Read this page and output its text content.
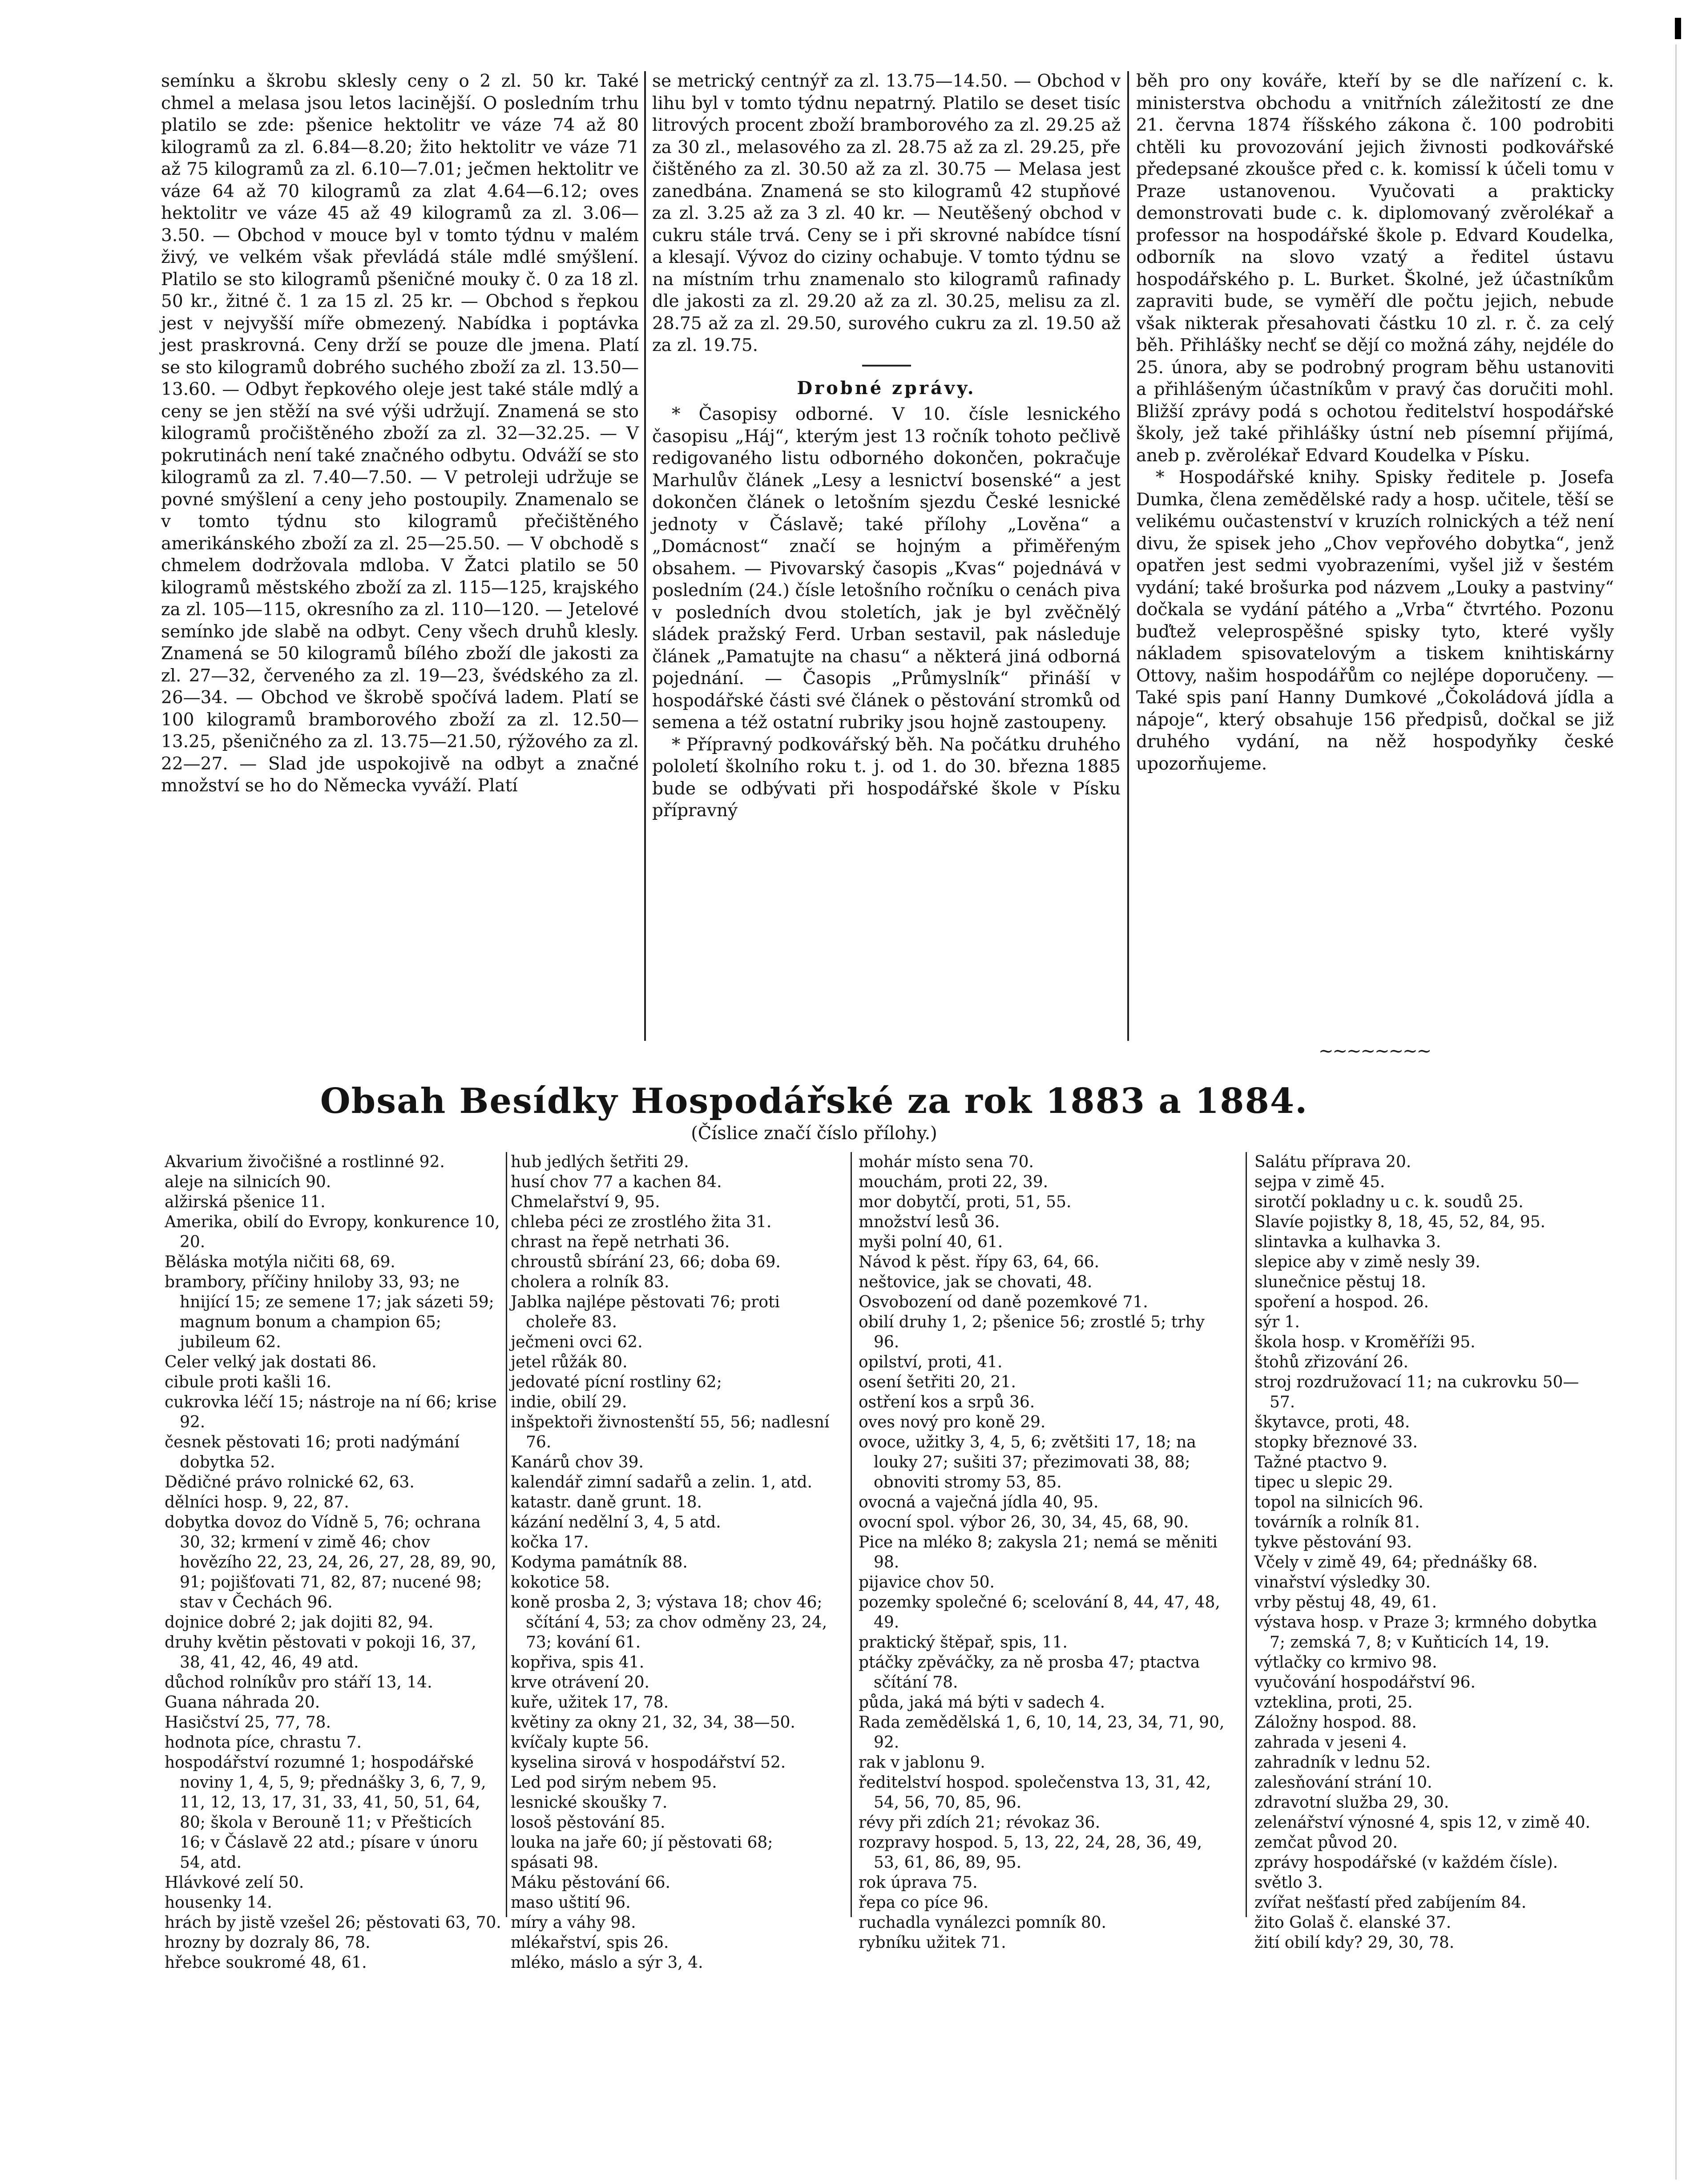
semínku a škrobu sklesly ceny o 2 zl. 50 kr. Také chmel a melasa jsou letos lacinější. O posledním trhu platilo se zde: pšenice hektolitr ve váze 74 až 80 kilogramů za zl. 6.84—8.20; žito hektolitr ve váze 71 až 75 kilogramů za zl. 6.10—7.01; ječmen hektolitr ve váze 64 až 70 kilogramů za zlat 4.64—6.12; oves hektolitr ve váze 45 až 49 kilogramů za zl. 3.06—3.50. — Obchod v mouce byl v tomto týdnu v malém živý, ve velkém však převládá stále mdlé smýšlení. Platilo se sto kilogramů pšeničné mouky č. 0 za 18 zl. 50 kr., žitné č. 1 za 15 zl. 25 kr. — Obchod s řepkou jest v nejvyšší míře obmezený. Nabídka i poptávka jest praskrovná. Ceny drží se pouze dle jmena. Platí se sto kilogramů dobrého suchého zboží za zl. 13.50—13.60. — Odbyt řepkového oleje jest také stále mdlý a ceny se jen stěží na své výši udržují. Znamená se sto kilogramů pročištěného zboží za zl. 32—32.25. — V pokrutinách není také značného odbytu. Odváží se sto kilogramů za zl. 7.40—7.50. — V petroleji udržuje se povné smýšlení a ceny jeho postoupily. Znamenalo se v tomto týdnu sto kilogramů přečištěného amerikánského zboží za zl. 25—25.50. — V obchodě s chmelem dodržovala mdloba. V Žatci platilo se 50 kilogramů městského zboží za zl. 115—125, krajského za zl. 105—115, okresního za zl. 110—120. — Jetelové semínko jde slabě na odbyt. Ceny všech druhů klesly. Znamená se 50 kilogramů bílého zboží dle jakosti za zl. 27—32, červeného za zl. 19—23, švédského za zl. 26—34. — Obchod ve škrobě spočívá ladem. Platí se 100 kilogramů bramborového zboží za zl. 12.50—13.25, pšeničného za zl. 13.75—21.50, rýžového za zl. 22—27. — Slad jde uspokojivě na odbyt a značné množství se ho do Německa vyváží. Platí

se metrický centnýř za zl. 13.75—14.50. — Obchod v lihu byl v tomto týdnu nepatrný. Platilo se deset tisíc litrových procent zboží bramborového za zl. 29.25 až za 30 zl., melasového za zl. 28.75 až za zl. 29.25, pře čištěného za zl. 30.50 až za zl. 30.75 — Melasa jest zanedbána. Znamená se sto kilogramů 42 stupňové za zl. 3.25 až za 3 zl. 40 kr. — Neutěšený obchod v cukru stále trvá. Ceny se i při skrovné nabídce tísní a klesají. Vývoz do ciziny ochabuje. V tomto týdnu se na místním trhu znamenalo sto kilogramů rafinady dle jakosti za zl. 29.20 až za zl. 30.25, melisu za zl. 28.75 až za zl. 29.50, surového cukru za zl. 19.50 až za zl. 19.75.

Drobné zprávy.

* Časopisy odborné. V 10. čísle lesnického časopisu „Háj“, kterým jest 13 ročník tohoto pečlivě redigovaného listu odborného dokončen, pokračuje Marhulův článek „Lesy a lesnictví bosenské“ a jest dokončen článek o letošním sjezdu České lesnické jednoty v Čáslavě; také přílohy „Lověna“ a „Domácnost“ značí se hojným a přiměřeným obsahem. — Pivovarský časopis „Kvas“ pojednává v posledním (24.) čísle letošního ročníku o cenách piva v posledních dvou stoletích, jak je byl zvěčnělý sládek pražský Ferd. Urban sestavil, pak následuje článek „Pamatujte na chasu“ a některá jiná odborná pojednání. — Časopis „Průmyslník“ přináší v hospodářské části své článek o pěstování stromků od semena a též ostatní rubriky jsou hojně zastoupeny.

* Přípravný podkovářský běh. Na počátku druhého pololetí školního roku t. j. od 1. do 30. března 1885 bude se odbývati při hospodářské škole v Písku přípravný

běh pro ony kováře, kteří by se dle nařízení c. k. ministerstva obchodu a vnitřních záležitostí ze dne 21. června 1874 říšského zákona č. 100 podrobiti chtěli ku provozování jejich živnosti podkovářské předepsané zkoušce před c. k. komissí k účeli tomu v Praze ustanovenou. Vyučovati a prakticky demonstrovati bude c. k. diplomovaný zvěrolékař a professor na hospodářské škole p. Edvard Koudelka, odborník na slovo vzatý a ředitel ústavu hospodářského p. L. Burket. Školné, jež účastníkům zapraviti bude, se vyměří dle počtu jejich, nebude však nikterak přesahovati částku 10 zl. r. č. za celý běh. Přihlášky nechť se dějí co možná záhy, nejdéle do 25. února, aby se podrobný program běhu ustanoviti a přihlášeným účastníkům v pravý čas doručiti mohl. Bližší zprávy podá s ochotou ředitelství hospodářské školy, jež také přihlášky ústní neb písemní přijímá, aneb p. zvěrolékař Edvard Koudelka v Písku.

* Hospodářské knihy. Spisky ředitele p. Josefa Dumka, člena zemědělské rady a hosp. učitele, těší se velikému oučastenství v kruzích rolnických a též není divu, že spisek jeho „Chov vepřového dobytka“, jenž opatřen jest sedmi vyobrazeními, vyšel již v šestém vydání; také brošurka pod názvem „Louky a pastviny“ dočkala se vydání pátého a „Vrba“ čtvrtého. Pozonu buďtež veleprospěšné spisky tyto, které vyšly nákladem spisovatelovým a tiskem knihtiskárny Ottovy, našim hospodářům co nejlépe doporučeny. — Také spis paní Hanny Dumkové „Čokoládová jídla a nápoje“, který obsahuje 156 předpisů, dočkal se již druhého vydání, na něž hospodyňky české upozorňujeme.

~~~~~~~~
Obsah Besídky Hospodářské za rok 1883 a 1884.
(Číslice značí číslo přílohy.)
Akvarium živočišné a rostlinné 92.
aleje na silnicích 90.
alžirská pšenice 11.
Amerika, obilí do Evropy, konkurence 10, 20.
Běláska motýla ničiti 68, 69.
brambory, příčiny hniloby 33, 93; ne hnijící 15; ze semene 17; jak sázeti 59; magnum bonum a champion 65; jubileum 62.
Celer velký jak dostati 86.
cibule proti kašli 16.
cukrovka léčí 15; nástroje na ní 66; krise 92.
česnek pěstovati 16; proti nadýmání dobytka 52.
Dědičné právo rolnické 62, 63.
dělníci hosp. 9, 22, 87.
dobytka dovoz do Vídně 5, 76; ochrana 30, 32; krmení v zimě 46; chov hovězího 22, 23, 24, 26, 27, 28, 89, 90, 91; pojišťovati 71, 82, 87; nucené 98; stav v Čechách 96.
dojnice dobré 2; jak dojiti 82, 94.
druhy květin pěstovati v pokoji 16, 37, 38, 41, 42, 46, 49 atd.
důchod rolníkův pro stáří 13, 14.
Guana náhrada 20.
Hasičství 25, 77, 78.
hodnota píce, chrastu 7.
hospodářství rozumné 1; hospodářské noviny 1, 4, 5, 9; přednášky 3, 6, 7, 9, 11, 12, 13, 17, 31, 33, 41, 50, 51, 64, 80; škola v Berouně 11; v Přešticích 16; v Čáslavě 22 atd.; písare v únoru 54, atd.
Hlávkové zelí 50.
housenky 14.
hrách by jistě vzešel 26; pěstovati 63, 70.
hrozny by dozraly 86, 78.
hřebce soukromé 48, 61.
hub jedlých šetřiti 29.
husí chov 77 a kachen 84.
Chmelařství 9, 95.
chleba péci ze zrostlého žita 31.
chrast na řepě netrhati 36.
chroustů sbírání 23, 66; doba 69.
cholera a rolník 83.
Jablka najlépe pěstovati 76; proti choleře 83.
ječmeni ovci 62.
jetel růžák 80.
jedovaté pícní rostliny 62;
indie, obilí 29.
inšpektoři živnostenští 55, 56; nadlesní 76.
Kanárů chov 39.
kalendář zimní sadařů a zelin. 1, atd.
katastr. daně grunt. 18.
kázání nedělní 3, 4, 5 atd.
kočka 17.
Kodyma památník 88.
kokotice 58.
koně prosba 2, 3; výstava 18; chov 46; sčítání 4, 53; za chov odměny 23, 24, 73; kování 61.
kopřiva, spis 41.
krve otrávení 20.
kuře, užitek 17, 78.
květiny za okny 21, 32, 34, 38—50.
kvíčaly kupte 56.
kyselina sirová v hospodářství 52.
Led pod sirým nebem 95.
lesnické skoušky 7.
losoš pěstování 85.
louka na jaře 60; jí pěstovati 68;
spásati 98.
Máku pěstování 66.
maso uštití 96.
míry a váhy 98.
mlékařství, spis 26.
mléko, máslo a sýr 3, 4.
mohár místo sena 70.
mouchám, proti 22, 39.
mor dobytčí, proti, 51, 55.
množství lesů 36.
myši polní 40, 61.
Návod k pěst. řípy 63, 64, 66.
neštovice, jak se chovati, 48.
Osvobození od daně pozemkové 71.
obilí druhy 1, 2; pšenice 56; zrostlé 5; trhy 96.
opilství, proti, 41.
osení šetřiti 20, 21.
ostření kos a srpů 36.
oves nový pro koně 29.
ovoce, užitky 3, 4, 5, 6; zvětšiti 17, 18; na louky 27; sušiti 37; přezimovati 38, 88; obnoviti stromy 53, 85.
ovocná a vaječná jídla 40, 95.
ovocní spol. výbor 26, 30, 34, 45, 68, 90.
Pice na mléko 8; zakysla 21; nemá se měniti 98.
pijavice chov 50.
pozemky společné 6; scelování 8, 44, 47, 48, 49.
praktický štěpař, spis, 11.
ptáčky zpěváčky, za ně prosba 47; ptactva sčítání 78.
půda, jaká má býti v sadech 4.
Rada zemědělská 1, 6, 10, 14, 23, 34, 71, 90, 92.
rak v jablonu 9.
ředitelství hospod. společenstva 13, 31, 42, 54, 56, 70, 85, 96.
révy při zdích 21; révokaz 36.
rozpravy hospod. 5, 13, 22, 24, 28, 36, 49, 53, 61, 86, 89, 95.
rok úprava 75.
řepa co píce 96.
ruchadla vynálezci pomník 80.
rybníku užitek 71.
Salátu příprava 20.
sejpa v zimě 45.
sirotčí pokladny u c. k. soudů 25.
Slavíe pojistky 8, 18, 45, 52, 84, 95.
slintavka a kulhavka 3.
slepice aby v zimě nesly 39.
slunečnice pěstuj 18.
spoření a hospod. 26.
sýr 1.
škola hosp. v Kroměříži 95.
štohů zřizování 26.
stroj rozdružovací 11; na cukrovku 50—57.
škytavce, proti, 48.
stopky březnové 33.
Tažné ptactvo 9.
tipec u slepic 29.
topol na silnicích 96.
továrník a rolník 81.
tykve pěstování 93.
Včely v zimě 49, 64; přednášky 68.
vinařství výsledky 30.
vrby pěstuj 48, 49, 61.
výstava hosp. v Praze 3; krmného dobytka 7; zemská 7, 8; v Kuňticích 14, 19.
výtlačky co krmivo 98.
vyučování hospodářství 96.
vzteklina, proti, 25.
Záložny hospod. 88.
zahrada v jeseni 4.
zahradník v lednu 52.
zalesňování strání 10.
zdravotní služba 29, 30.
zelenářství výnosné 4, spis 12, v zimě 40.
zemčat původ 20.
zprávy hospodářské (v každém čísle).
světlo 3.
zvířat nešťastí před zabíjením 84.
žito Golaš č. elanské 37.
žití obilí kdy? 29, 30, 78.
